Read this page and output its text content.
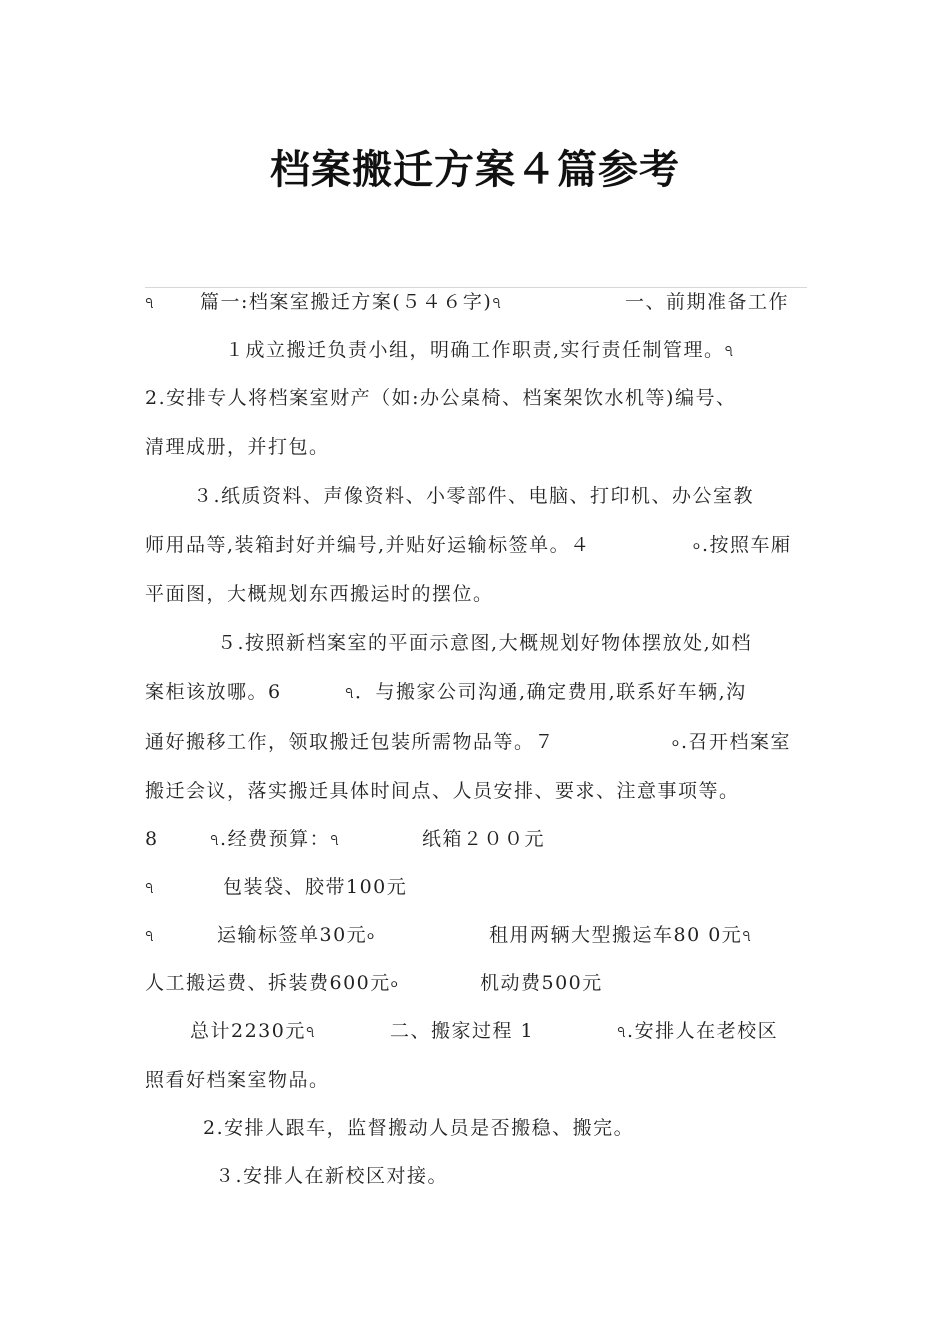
档案搬迁方案４篇参考
ঀ 篇一:档案室搬迁方案(５４６字)ঀ	一、前期准备工作
１成立搬迁负责小组，明确工作职责,实行责任制管理。ঀ
2.安排专人将档案室财产（如:办公桌椅、档案架饮水机等)编号、
清理成册，并打包。
３.纸质资料、声像资料、小零部件、电脑、打印机、办公室教
师用品等,装箱封好并编号,并贴好运输标签单。４	৹.按照车厢
平面图，大概规划东西搬运时的摆位。
５.按照新档案室的平面示意图,大概规划好物体摆放处,如档
案柜该放哪。6	ঀ．与搬家公司沟通,确定费用,联系好车辆,沟
通好搬移工作，领取搬迁包装所需物品等。７	৹.召开档案室
搬迁会议，落实搬迁具体时间点、人员安排、要求、注意事项等。
8	ঀ.经费预算：ঀ	纸箱２００元
ঀ	包装袋、胶带100元
ঀ	运输标签单30元৹	租用两辆大型搬运车80 0元ঀ
人工搬运费、拆装费600元৹	机动费500元
总计2230元ঀ	二、搬家过程 1	ঀ.安排人在老校区
照看好档案室物品。
2.安排人跟车，监督搬动人员是否搬稳、搬完。
３.安排人在新校区对接。
